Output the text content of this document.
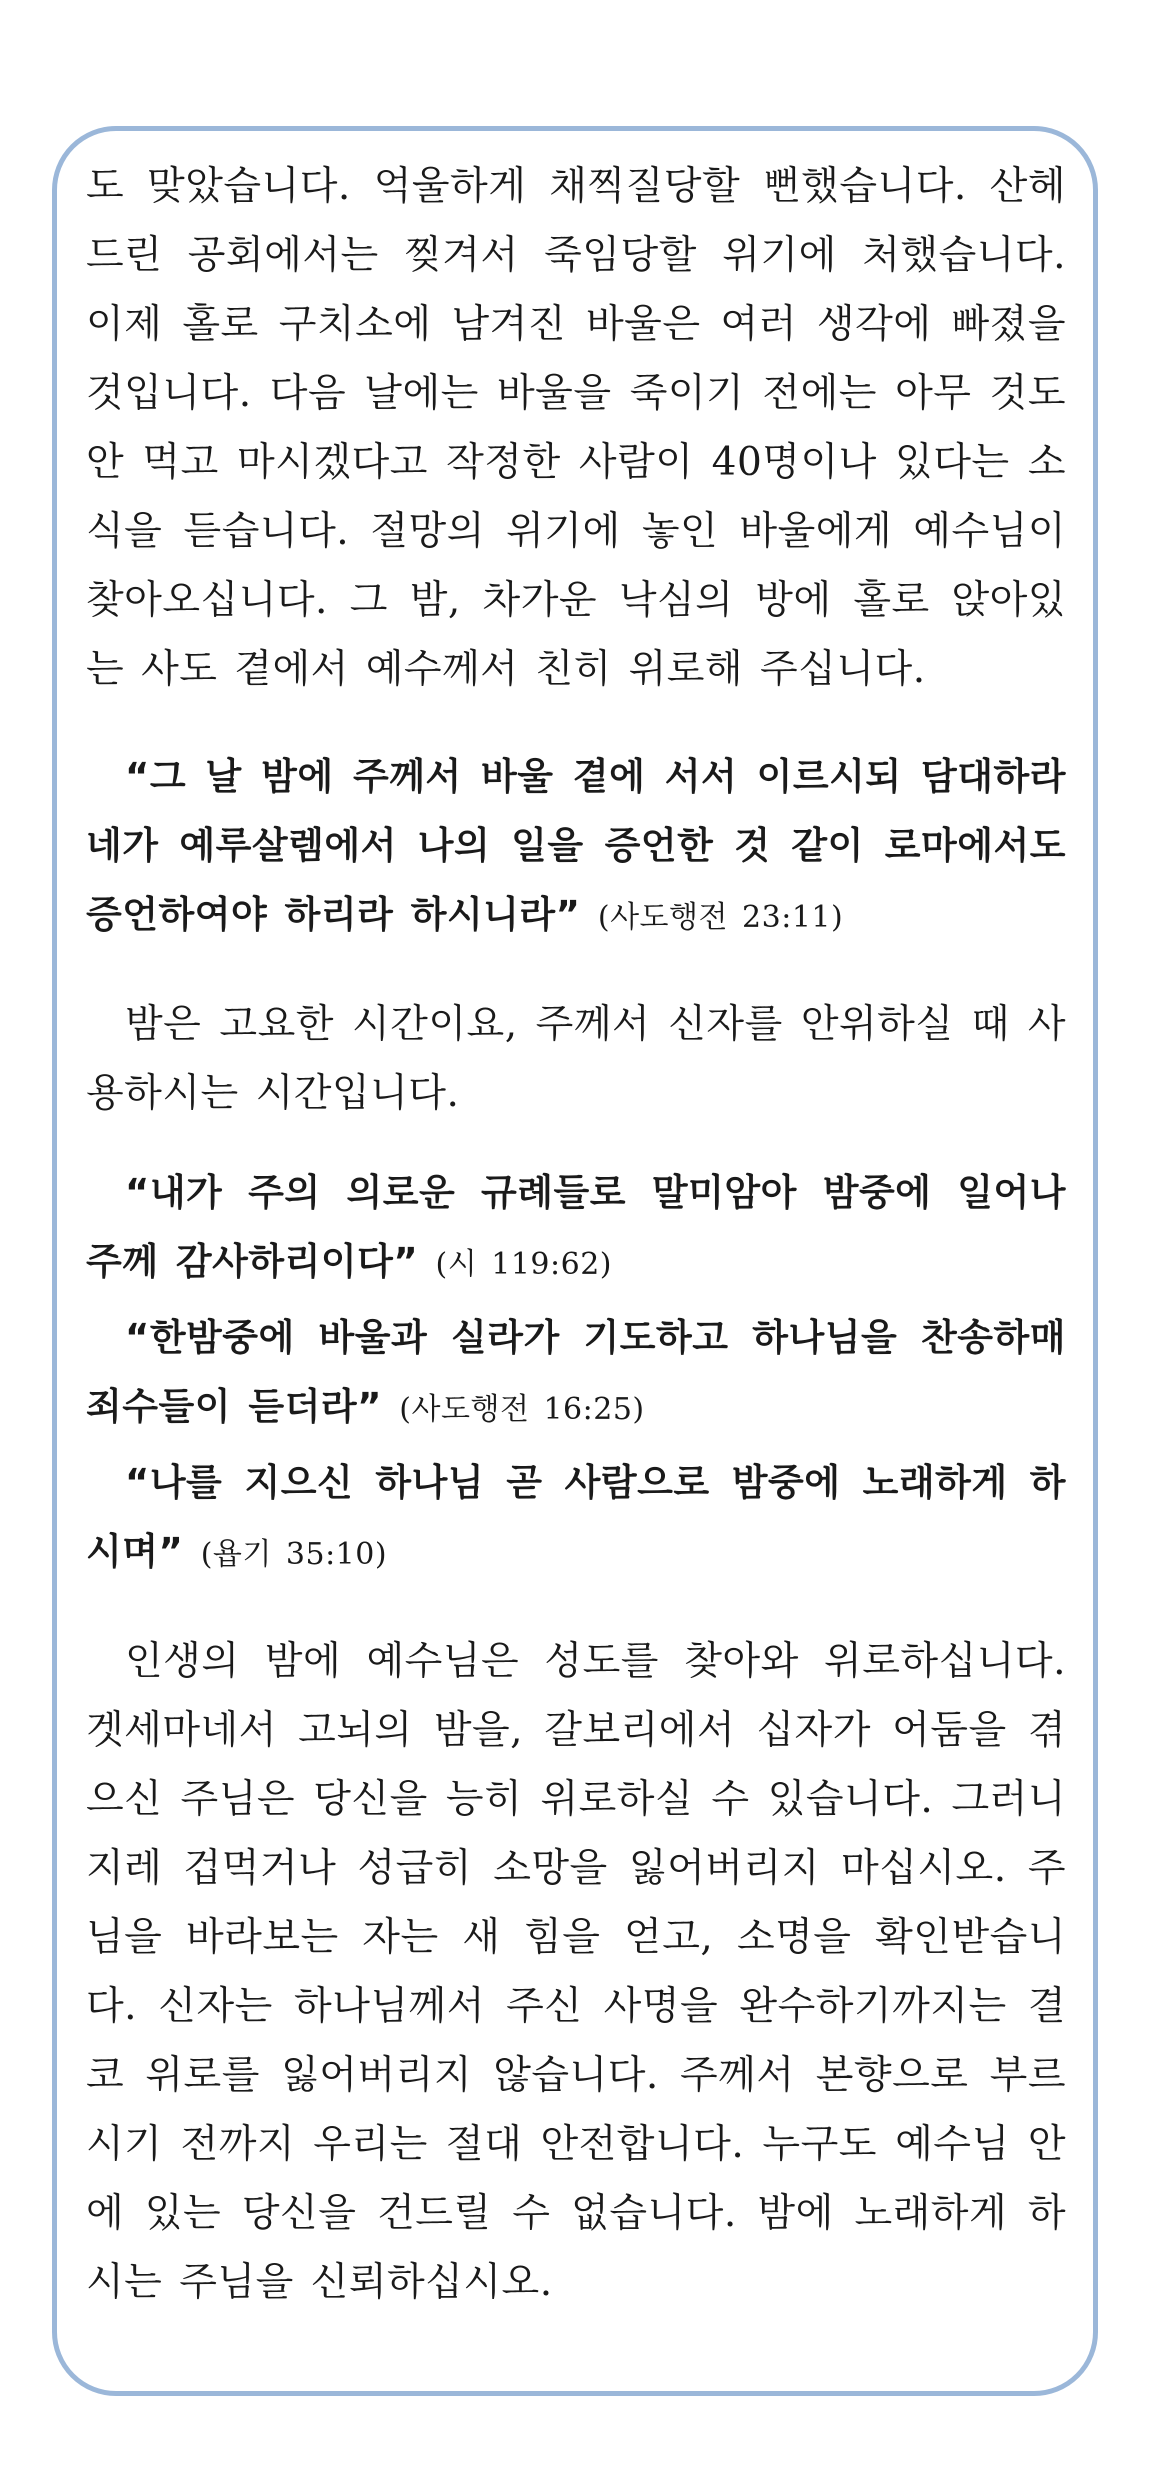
도 맞았습니다. 억울하게 채찍질당할 뻔했습니다. 산헤드린 공회에서는 찢겨서 죽임당할 위기에 처했습니다. 이제 홀로 구치소에 남겨진 바울은 여러 생각에 빠졌을 것입니다. 다음 날에는 바울을 죽이기 전에는 아무 것도 안 먹고 마시겠다고 작정한 사람이 40명이나 있다는 소식을 듣습니다. 절망의 위기에 놓인 바울에게 예수님이 찾아오십니다. 그 밤, 차가운 낙심의 방에 홀로 앉아있는 사도 곁에서 예수께서 친히 위로해 주십니다.

“그 날 밤에 주께서 바울 곁에 서서 이르시되 담대하라 네가 예루살렘에서 나의 일을 증언한 것 같이 로마에서도 증언하여야 하리라 하시니라” (사도행전 23:11)

밤은 고요한 시간이요, 주께서 신자를 안위하실 때 사용하시는 시간입니다.

“내가 주의 의로운 규례들로 말미암아 밤중에 일어나 주께 감사하리이다” (시 119:62)

“한밤중에 바울과 실라가 기도하고 하나님을 찬송하매 죄수들이 듣더라” (사도행전 16:25)

“나를 지으신 하나님 곧 사람으로 밤중에 노래하게 하시며” (욥기 35:10)

인생의 밤에 예수님은 성도를 찾아와 위로하십니다. 겟세마네서 고뇌의 밤을, 갈보리에서 십자가 어둠을 겪으신 주님은 당신을 능히 위로하실 수 있습니다. 그러니 지레 겁먹거나 성급히 소망을 잃어버리지 마십시오. 주님을 바라보는 자는 새 힘을 얻고, 소명을 확인받습니다. 신자는 하나님께서 주신 사명을 완수하기까지는 결코 위로를 잃어버리지 않습니다. 주께서 본향으로 부르시기 전까지 우리는 절대 안전합니다. 누구도 예수님 안에 있는 당신을 건드릴 수 없습니다. 밤에 노래하게 하시는 주님을 신뢰하십시오.
